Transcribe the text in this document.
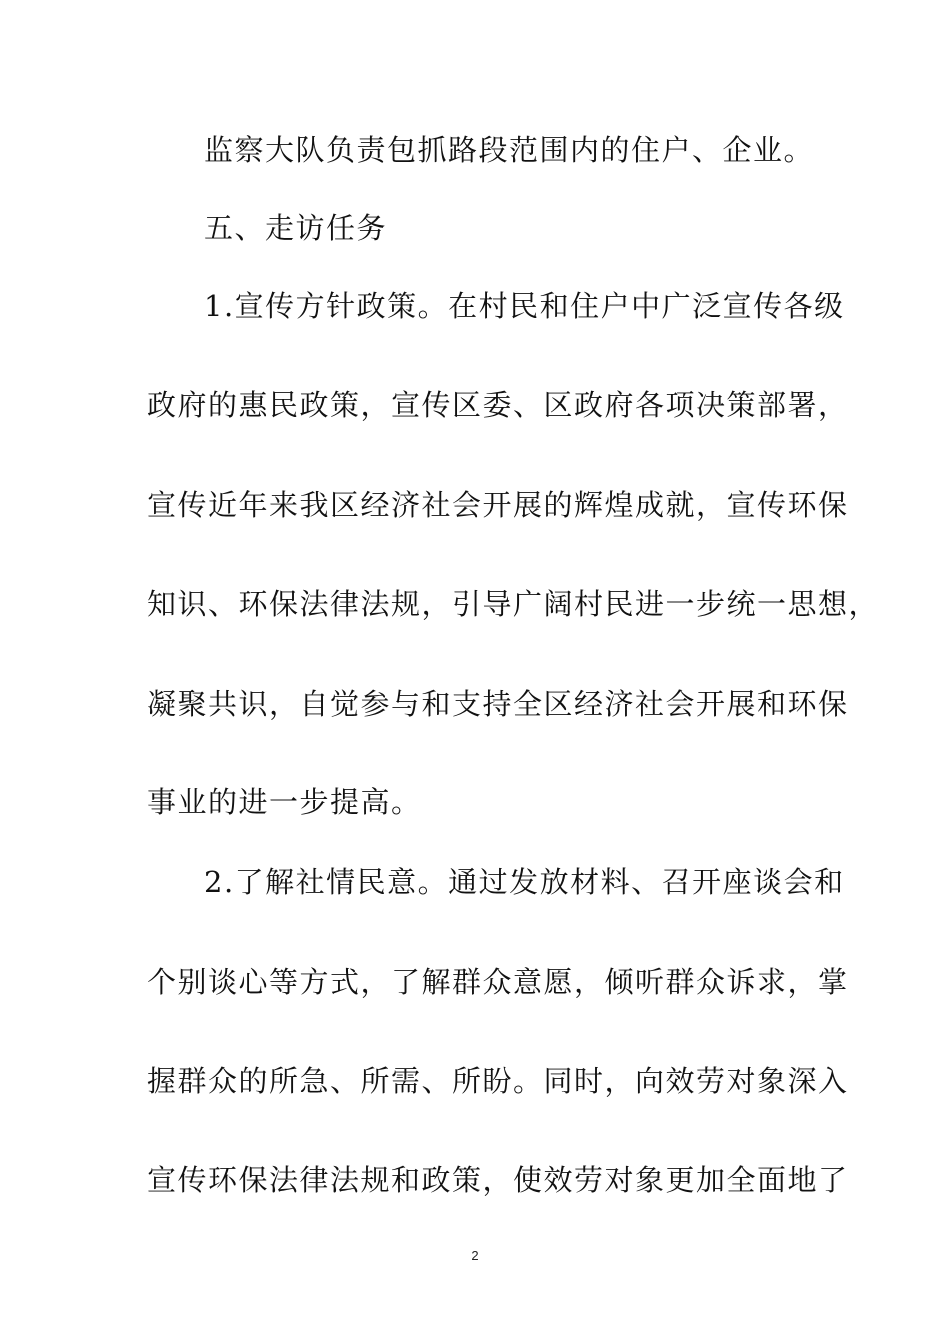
监察大队负责包抓路段范围内的住户、企业。
五、走访任务
1.宣传方针政策。在村民和住户中广泛宣传各级
政府的惠民政策，宣传区委、区政府各项决策部署，
宣传近年来我区经济社会开展的辉煌成就，宣传环保
知识、环保法律法规，引导广阔村民进一步统一思想，
凝聚共识，自觉参与和支持全区经济社会开展和环保
事业的进一步提高。
2.了解社情民意。通过发放材料、召开座谈会和
个别谈心等方式，了解群众意愿，倾听群众诉求，掌
握群众的所急、所需、所盼。同时，向效劳对象深入
宣传环保法律法规和政策，使效劳对象更加全面地了
2
